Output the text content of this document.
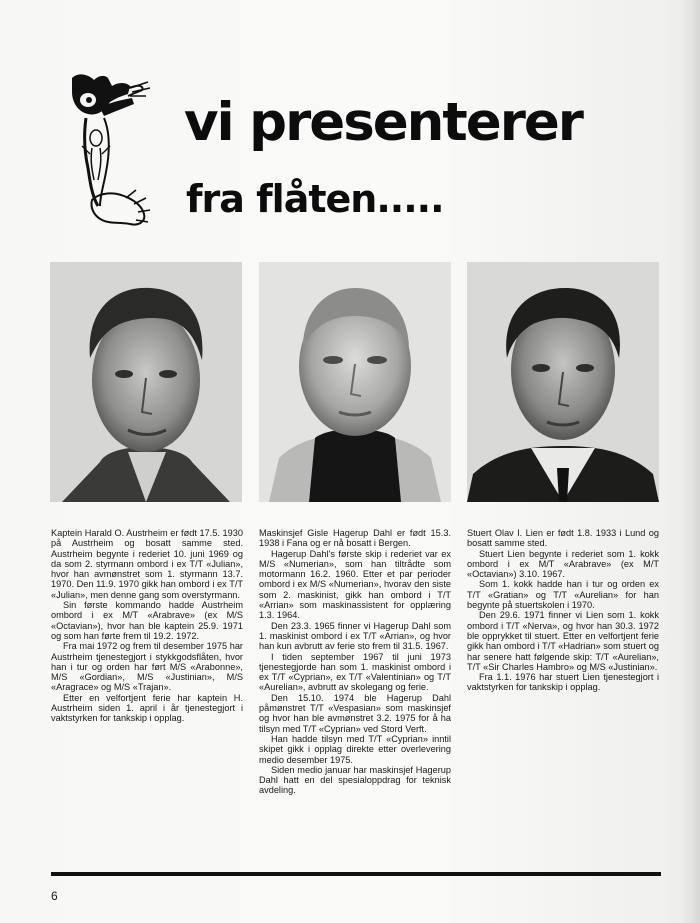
vi presenterer
fra flåten.....

Kaptein Harald O. Austrheim er født 17.5. 1930 på Austrheim og bosatt samme sted. Austrheim begynte i rederiet 10. juni 1969 og da som 2. styrmann ombord i ex T/T «Julian», hvor han avmønstret som 1. styrmann 13.7. 1970. Den 11.9. 1970 gikk han ombord i ex T/T «Julian», men denne gang som overstyrmann.

Sin første kommando hadde Austrheim ombord i ex M/T «Arabrave» (ex M/S «Octavian»), hvor han ble kaptein 25.9. 1971 og som han førte frem til 19.2. 1972.

Fra mai 1972 og frem til desember 1975 har Austrheim tjenestegjort i stykkgodsflåten, hvor han i tur og orden har ført M/S «Arabonne», M/S «Gordian», M/S «Justinian», M/S «Aragrace» og M/S «Trajan».

Etter en velfortjent ferie har kaptein H. Austrheim siden 1. april i år tjenestegjort i vaktstyrken for tankskip i opplag.

Maskinsjef Gisle Hagerup Dahl er født 15.3. 1938 i Fana og er nå bosatt i Bergen.

Hagerup Dahl's første skip i rederiet var ex M/S «Numerian», som han tiltrådte som motormann 16.2. 1960. Etter et par perioder ombord i ex M/S «Numerian», hvorav den siste som 2. maskinist, gikk han ombord i T/T «Arrian» som maskinassistent for opplæring 1.3. 1964.

Den 23.3. 1965 finner vi Hagerup Dahl som 1. maskinist ombord i ex T/T «Arrian», og hvor han kun avbrutt av ferie sto frem til 31.5. 1967.

I tiden september 1967 til juni 1973 tjenestegjorde han som 1. maskinist ombord i ex T/T «Cyprian», ex T/T «Valentinian» og T/T «Aurelian», avbrutt av skolegang og ferie.

Den 15.10. 1974 ble Hagerup Dahl påmønstret T/T «Vespasian» som maskinsjef og hvor han ble avmønstret 3.2. 1975 for å ha tilsyn med T/T «Cyprian» ved Stord Verft.

Han hadde tilsyn med T/T «Cyprian» inntil skipet gikk i opplag direkte etter overlevering medio desember 1975.

Siden medio januar har maskinsjef Hagerup Dahl hatt en del spesialoppdrag for teknisk avdeling.

Stuert Olav I. Lien er født 1.8. 1933 i Lund og bosatt samme sted.

Stuert Lien begynte i rederiet som 1. kokk ombord i ex M/T «Arabrave» (ex M/T «Octavian») 3.10. 1967.

Som 1. kokk hadde han i tur og orden ex T/T «Gratian» og T/T «Aurelian» for han begynte på stuertskolen i 1970.

Den 29.6. 1971 finner vi Lien som 1. kokk ombord i T/T «Nerva», og hvor han 30.3. 1972 ble opprykket til stuert. Etter en velfortjent ferie gikk han ombord i T/T «Hadrian» som stuert og har senere hatt følgende skip: T/T «Aurelian», T/T «Sir Charles Hambro» og M/S «Justinian».

Fra 1.1. 1976 har stuert Lien tjenestegjort i vaktstyrken for tankskip i opplag.

6
